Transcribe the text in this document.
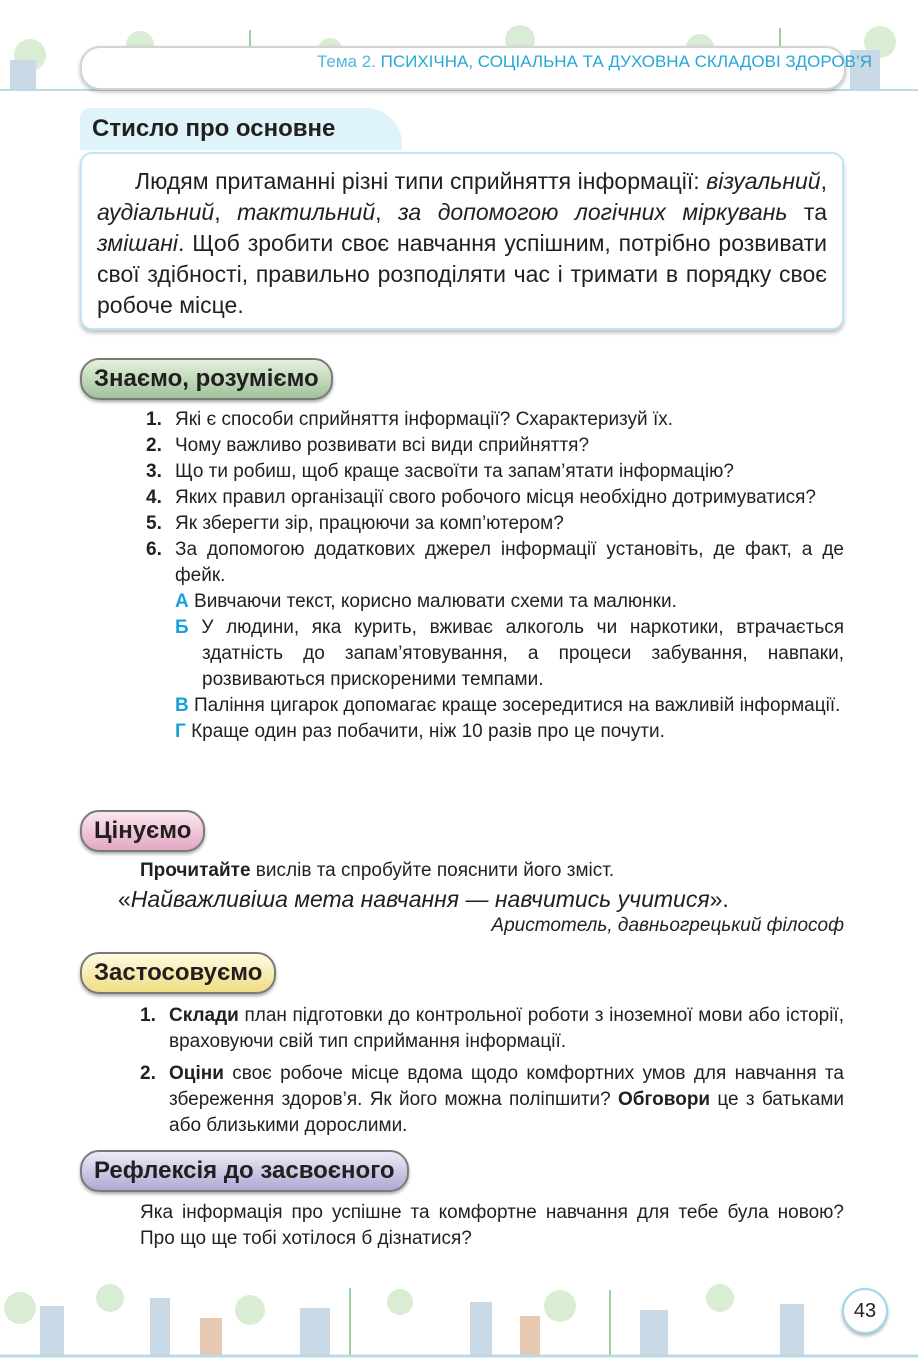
Тема 2. ПСИХІЧНА, СОЦІАЛЬНА ТА ДУХОВНА СКЛАДОВІ ЗДОРОВ’Я
Стисло про основне
Людям притаманні різні типи сприйняття інформації: візуальний, аудіальний, тактильний, за допомогою логічних міркувань та змішані. Щоб зробити своє навчання успішним, потрібно розвивати свої здібності, правильно розподіляти час і тримати в порядку своє робоче місце.
Знаємо, розуміємо
1. Які є способи сприйняття інформації? Схарактеризуй їх.
2. Чому важливо розвивати всі види сприйняття?
3. Що ти робиш, щоб краще засвоїти та запам’ятати інформацію?
4. Яких правил організації свого робочого місця необхідно дотримуватися?
5. Як зберегти зір, працюючи за комп’ютером?
6. За допомогою додаткових джерел інформації установіть, де факт, а де фейк.
А Вивчаючи текст, корисно малювати схеми та малюнки.
Б У людини, яка курить, вживає алкоголь чи наркотики, втрачається здатність до запам’ятовування, а процеси забування, навпаки, розвиваються прискореними темпами.
В Паління цигарок допомагає краще зосередитися на важливій інформації.
Г Краще один раз побачити, ніж 10 разів про це почути.
Цінуємо
Прочитайте вислів та спробуйте пояснити його зміст.
«Найважливіша мета навчання — навчитись учитися».
Аристотель, давньогрецький філософ
Застосовуємо
1. Склади план підготовки до контрольної роботи з іноземної мови або історії, враховуючи свій тип сприймання інформації.
2. Оціни своє робоче місце вдома щодо комфортних умов для навчання та збереження здоров’я. Як його можна поліпшити? Обговори це з батьками або близькими дорослими.
Рефлексія до засвоєного
Яка інформація про успішне та комфортне навчання для тебе була новою? Про що ще тобі хотілося б дізнатися?
43
